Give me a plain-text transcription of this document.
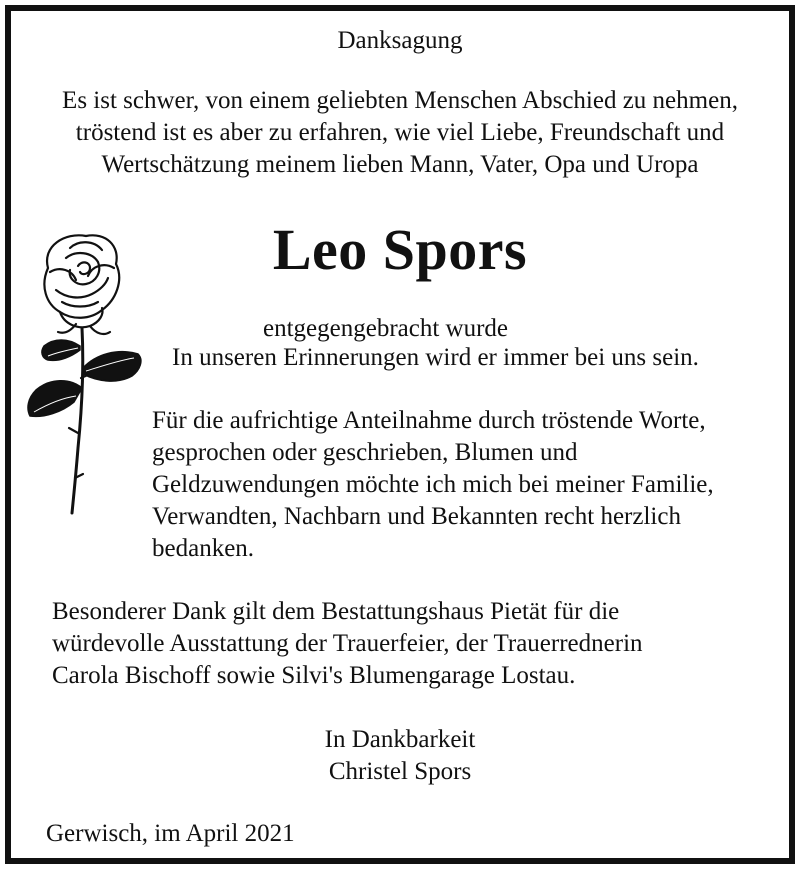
Danksagung
Es ist schwer, von einem geliebten Menschen Abschied zu nehmen,
tröstend ist es aber zu erfahren, wie viel Liebe, Freundschaft und
Wertschätzung meinem lieben Mann, Vater, Opa und Uropa
Leo Spors
entgegengebracht wurde
In unseren Erinnerungen wird er immer bei uns sein.
Für die aufrichtige Anteilnahme durch tröstende Worte,
gesprochen oder geschrieben, Blumen und
Geldzuwendungen möchte ich mich bei meiner Familie,
Verwandten, Nachbarn und Bekannten recht herzlich
bedanken.
Besonderer Dank gilt dem Bestattungshaus Pietät für die
würdevolle Ausstattung der Trauerfeier, der Trauerrednerin
Carola Bischoff sowie Silvi's Blumengarage Lostau.
In Dankbarkeit
Christel Spors
Gerwisch, im April 2021
